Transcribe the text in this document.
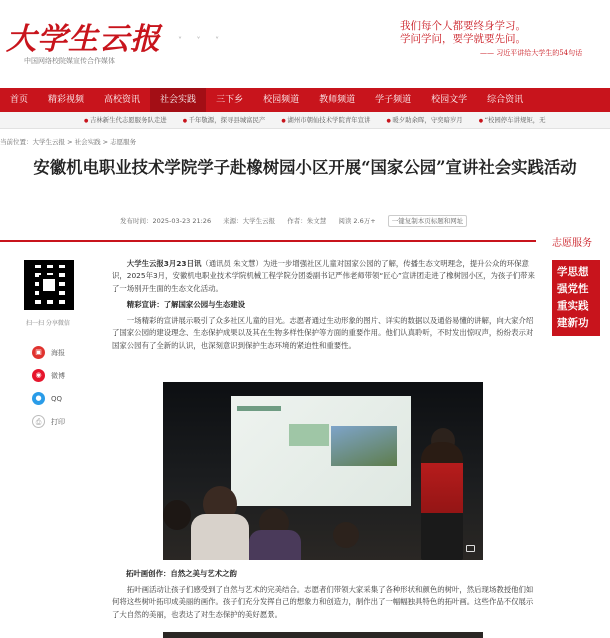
大学生云报
中国网络校院媒宣传合作媒体
˅ ˅ ˅
我们每个人都要终身学习。
学问学问，要学就要先问。
—— 习近平讲给大学生的54句话
首页	精彩视频	高校资讯	社会实践	三下乡	校园频道	教师频道	学子频道	校园文学	综合资讯
● 吉林新生代志愿服务队走进	● 千年敬源，探寻县城富民产	● 湖州市朝仙技术学院青年宣讲	● 暖夕助余晖，守奕暗岁月	● “校园停车讲规矩，无
当前位置：大学生云报 > 社会实践 > 志愿服务
安徽机电职业技术学院学子赴橡树园小区开展“国家公园”宣讲社会实践活动
发布时间：2025-03-23 21:26 来源：大学生云报 作者：朱文慧 阅读 2.6万+ 一键复制本页标题和网址
志愿服务
扫一扫 分享微信
▣	海报
◉	微博
●	QQ
⎙	打印

大学生云报3月23日讯（通讯员 朱文慧）为进一步增强社区儿童对国家公园的了解，传播生态文明理念，提升公众的环保意识，2025年3月，安徽机电职业技术学院机械工程学院分团委副书记严伟老师带领“匠心”宣讲团走进了橡树园小区，为孩子们带来了一场别开生面的生态文化活动。

精彩宣讲：了解国家公园与生态建设

一场精彩的宣讲展示吸引了众多社区儿童的目光。志愿者通过生动形象的图片、详实的数据以及通俗易懂的讲解，向大家介绍了国家公园的建设理念、生态保护成果以及其在生物多样性保护等方面的重要作用。他们认真聆听，不时发出惊叹声，纷纷表示对国家公园有了全新的认识，也深刻意识到保护生态环境的紧迫性和重要性。

学思想
强党性
重实践
建新功
拓叶画创作：自然之美与艺术之韵

拓叶画活动让孩子们感受到了自然与艺术的完美结合。志愿者们带领大家采集了各种形状和颜色的树叶，然后现场教授他们如何将这些树叶拓印成美丽的画作。孩子们充分发挥自己的想象力和创造力，制作出了一幅幅独具特色的拓叶画。这些作品不仅展示了大自然的美丽，也表达了对生态保护的美好愿景。
